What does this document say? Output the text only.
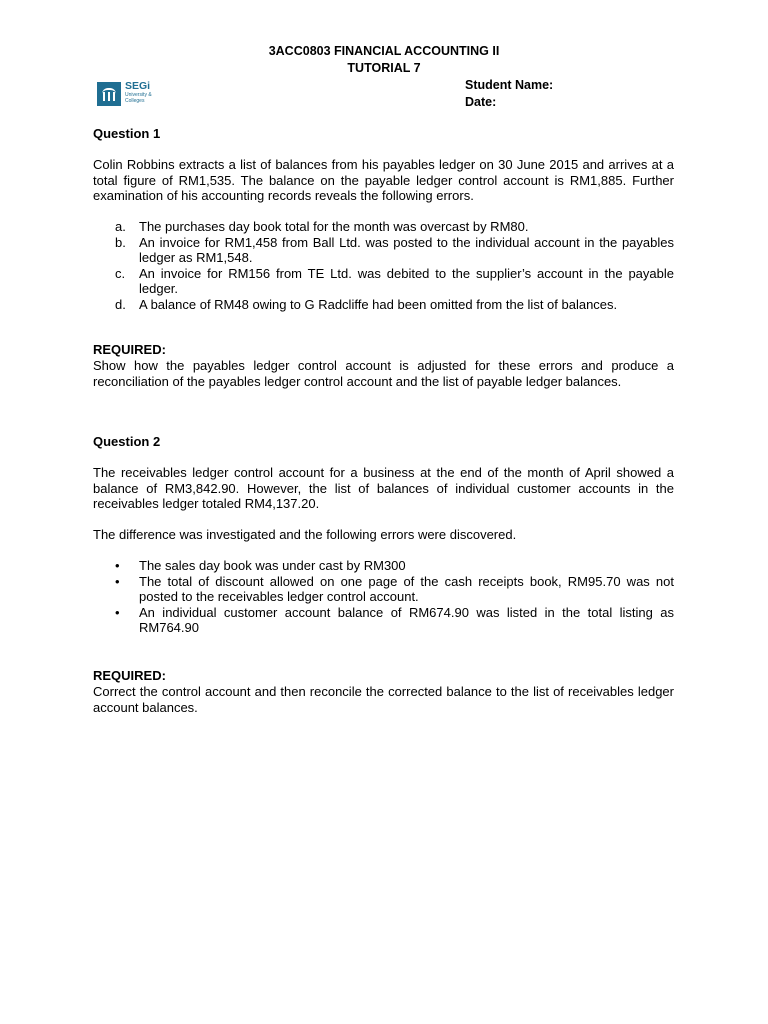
3ACC0803 FINANCIAL ACCOUNTING II
TUTORIAL 7
SEGi
University & Colleges
Student Name:
Date:
Question 1
Colin Robbins extracts a list of balances from his payables ledger on 30 June 2015 and arrives at a total figure of RM1,535. The balance on the payable ledger control account is RM1,885. Further examination of his accounting records reveals the following errors.
a. The purchases day book total for the month was overcast by RM80.
b. An invoice for RM1,458 from Ball Ltd. was posted to the individual account in the payables ledger as RM1,548.
c. An invoice for RM156 from TE Ltd. was debited to the supplier’s account in the payable ledger.
d. A balance of RM48 owing to G Radcliffe had been omitted from the list of balances.
REQUIRED:
Show how the payables ledger control account is adjusted for these errors and produce a reconciliation of the payables ledger control account and the list of payable ledger balances.
Question 2
The receivables ledger control account for a business at the end of the month of April showed a balance of RM3,842.90. However, the list of balances of individual customer accounts in the receivables ledger totaled RM4,137.20.
The difference was investigated and the following errors were discovered.
• The sales day book was under cast by RM300
• The total of discount allowed on one page of the cash receipts book, RM95.70 was not posted to the receivables ledger control account.
• An individual customer account balance of RM674.90 was listed in the total listing as RM764.90
REQUIRED:
Correct the control account and then reconcile the corrected balance to the list of receivables ledger account balances.
